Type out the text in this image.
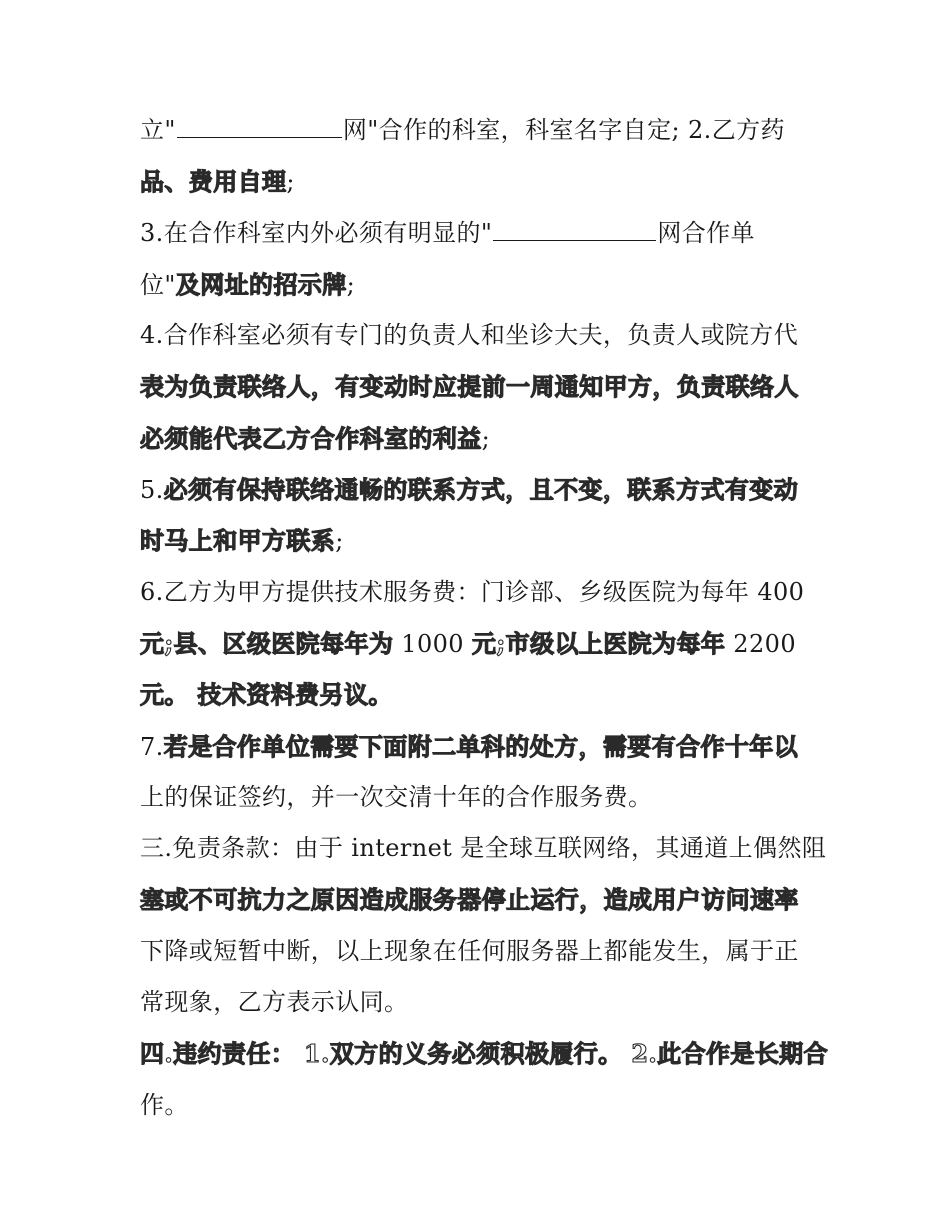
立"	网"合作的科室，科室名字自定; 2.乙方药
品、费用自理;
3.在合作科室内外必须有明显的"	网合作单
位"及网址的招示牌;
4.合作科室必须有专门的负责人和坐诊大夫，负责人或院方代
表为负责联络人，有变动时应提前一周通知甲方，负责联络人
必须能代表乙方合作科室的利益;
5.必须有保持联络通畅的联系方式，且不变，联系方式有变动
时马上和甲方联系;
6.乙方为甲方提供技术服务费：门诊部、乡级医院为每年 400
元;县、区级医院每年为 1000 元;市级以上医院为每年 2200
元。 技术资料费另议。
7.若是合作单位需要下面附二单科的处方，需要有合作十年以
上的保证签约，并一次交清十年的合作服务费。
三.免责条款：由于 internet 是全球互联网络，其通道上偶然阻
塞或不可抗力之原因造成服务器停止运行，造成用户访问速率
下降或短暂中断，以上现象在任何服务器上都能发生，属于正
常现象，乙方表示认同。
四.违约责任： 1.双方的义务必须积极履行。 2.此合作是长期合
作。
